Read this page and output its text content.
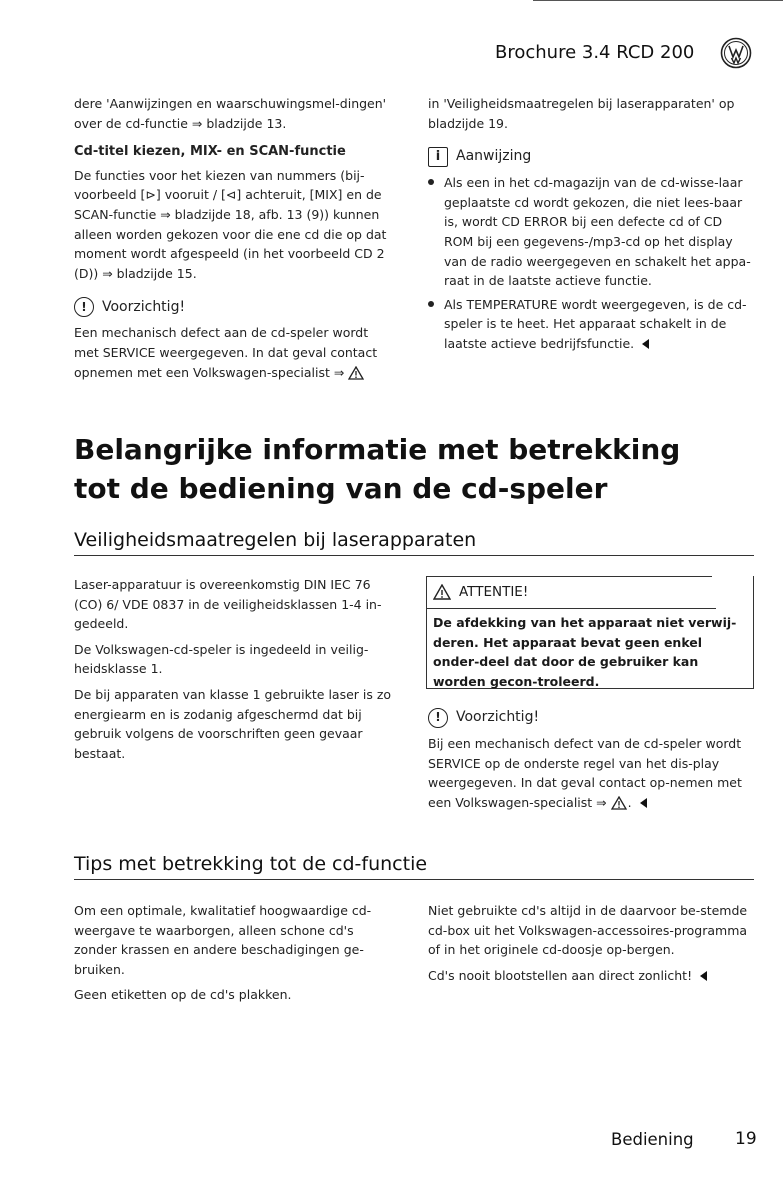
Brochure 3.4 RCD 200

dere 'Aanwijzingen en waarschuwingsmel-dingen' over de cd-functie ⇒ bladzijde 13.

Cd-titel kiezen, MIX- en SCAN-functie

De functies voor het kiezen van nummers (bij-voorbeeld [⊳] vooruit / [⊲] achteruit, [MIX] en de SCAN-functie ⇒ bladzijde 18, afb. 13 (9)) kunnen alleen worden gekozen voor die ene cd die op dat moment wordt afgespeeld (in het voorbeeld CD 2 (D)) ⇒ bladzijde 15.

!	Voorzichtig!

Een mechanisch defect aan de cd-speler wordt met SERVICE weergegeven. In dat geval contact opnemen met een Volkswagen-specialist ⇒

in 'Veiligheidsmaatregelen bij laserapparaten' op bladzijde 19.

i	Aanwijzing

Als een in het cd-magazijn van de cd-wisse-laar geplaatste cd wordt gekozen, die niet lees-baar is, wordt CD ERROR bij een defecte cd of CD ROM bij een gegevens-/mp3-cd op het display van de radio weergegeven en schakelt het appa-raat in de laatste actieve functie.

Als TEMPERATURE wordt weergegeven, is de cd-speler is te heet. Het apparaat schakelt in de laatste actieve bedrijfsfunctie.

Belangrijke informatie met betrekking tot de bediening van de cd-speler
Veiligheidsmaatregelen bij laserapparaten

Laser-apparatuur is overeenkomstig DIN IEC 76 (CO) 6/ VDE 0837 in de veiligheidsklassen 1-4 in-gedeeld.

De Volkswagen-cd-speler is ingedeeld in veilig-heidsklasse 1.

De bij apparaten van klasse 1 gebruikte laser is zo energiearm en is zodanig afgeschermd dat bij gebruik volgens de voorschriften geen gevaar bestaat.

ATTENTIE!
De afdekking van het apparaat niet verwij-deren. Het apparaat bevat geen enkel onder-deel dat door de gebruiker kan worden gecon-troleerd.
!	Voorzichtig!

Bij een mechanisch defect van de cd-speler wordt SERVICE op de onderste regel van het dis-play weergegeven. In dat geval contact op-nemen met een Volkswagen-specialist ⇒ .

Tips met betrekking tot de cd-functie

Om een optimale, kwalitatief hoogwaardige cd-weergave te waarborgen, alleen schone cd's zonder krassen en andere beschadigingen ge-bruiken.

Geen etiketten op de cd's plakken.

Niet gebruikte cd's altijd in de daarvoor be-stemde cd-box uit het Volkswagen-accessoires-programma of in het originele cd-doosje op-bergen.

Cd's nooit blootstellen aan direct zonlicht!

Bediening 19
